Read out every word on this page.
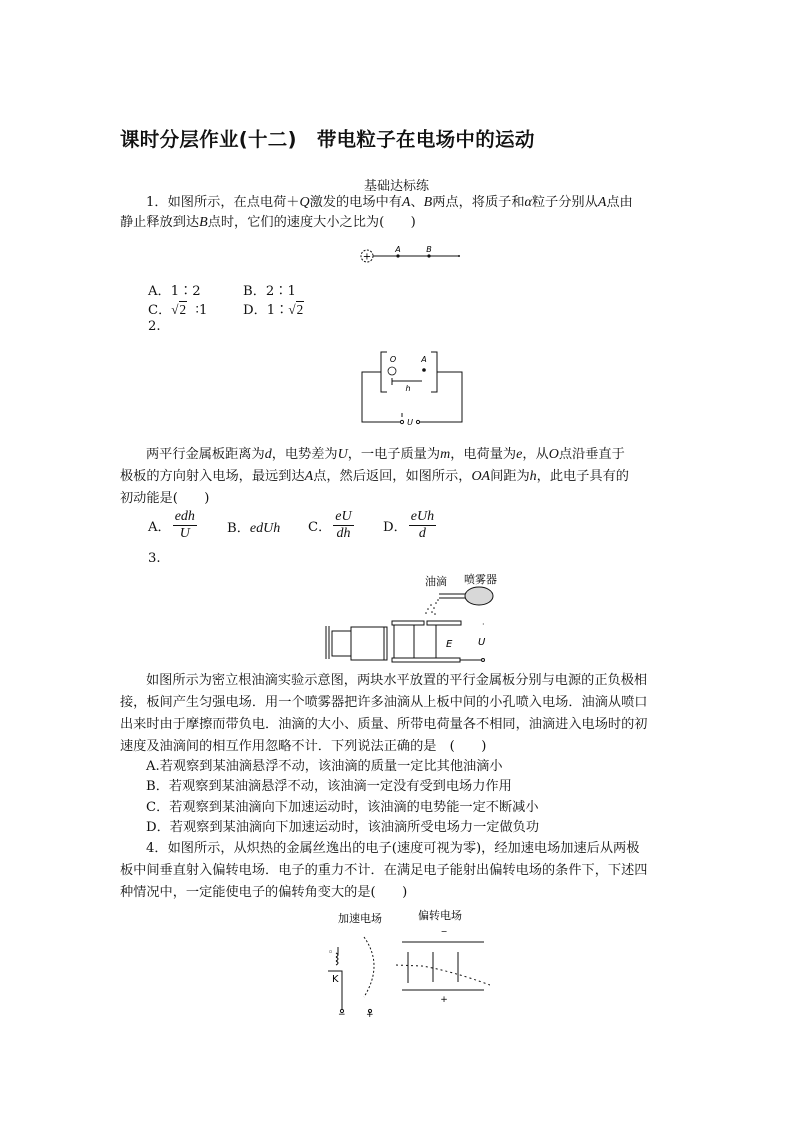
课时分层作业(十二) 带电粒子在电场中的运动
基础达标练
1．如图所示，在点电荷＋Q激发的电场中有A、B两点，将质子和α粒子分别从A点由
静止释放到达B点时，它们的速度大小之比为(　　)
+
A	B
A．1∶2	B．2∶1
C．√2 ∶1	D．1∶√2
2.
U
O	A
h
两平行金属板距离为d，电势差为U，一电子质量为m，电荷量为e，从O点沿垂直于
极板的方向射入电场，最远到达A点，然后返回，如图所示，OA间距为h，此电子具有的
初动能是(　　)
A． $\frac{\text{edh}}{U}$ B．edUh C． $\frac{eU}{dh}$ D． $\frac{\text{eUh}}{d}$
3.
·
E	U
油滴 喷雾器
如图所示为密立根油滴实验示意图，两块水平放置的平行金属板分别与电源的正负极相
接，板间产生匀强电场．用一个喷雾器把许多油滴从上板中间的小孔喷入电场．油滴从喷口
出来时由于摩擦而带负电．油滴的大小、质量、所带电荷量各不相同，油滴进入电场时的初
速度及油滴间的相互作用忽略不计．下列说法正确的是　(　　)
A.若观察到某油滴悬浮不动，该油滴的质量一定比其他油滴小
B．若观察到某油滴悬浮不动，该油滴一定没有受到电场力作用
C．若观察到某油滴向下加速运动时，该油滴的电势能一定不断减小
D．若观察到某油滴向下加速运动时，该油滴所受电场力一定做负功
4．如图所示，从炽热的金属丝逸出的电子(速度可视为零)，经加速电场加速后从两极
板中间垂直射入偏转电场．电子的重力不计．在满足电子能射出偏转电场的条件下，下述四
种情况中，一定能使电子的偏转角变大的是(　　)
加速电场	偏转电场
◦
K
− +
−
+
